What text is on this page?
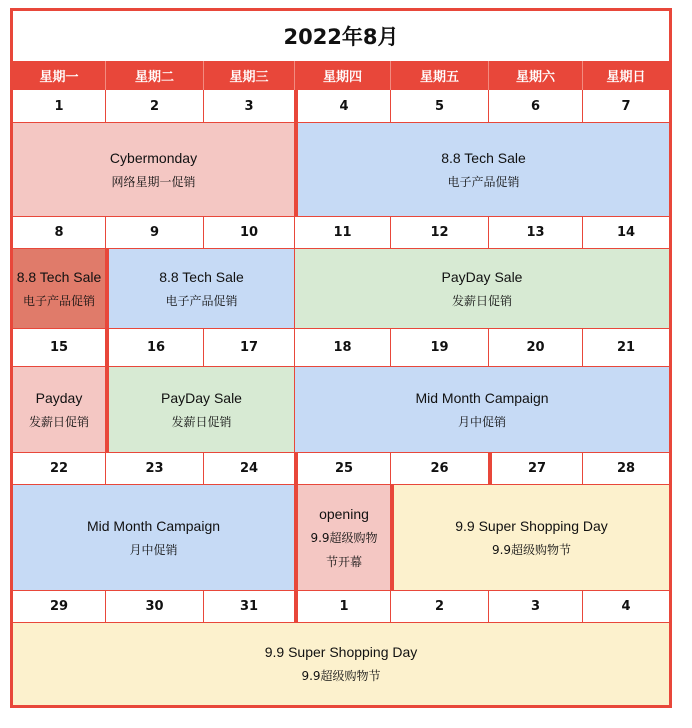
2022年8月
星期一	星期二	星期三	星期四	星期五	星期六	星期日
1	2	3	4	5	6	7
Cybermonday
网络星期一促销
8.8 Tech Sale
电子产品促销
8	9	10	11	12	13	14
8.8 Tech Sale
电子产品促销
8.8 Tech Sale
电子产品促销
PayDay Sale
发薪日促销
15	16	17	18	19	20	21
Payday
发薪日促销
PayDay Sale
发薪日促销
Mid Month Campaign
月中促销
22	23	24	25	26	27	28
Mid Month Campaign
月中促销
opening
9.9超级购物
节开幕
9.9 Super Shopping Day
9.9超级购物节
29	30	31	1	2	3	4
9.9 Super Shopping Day
9.9超级购物节
